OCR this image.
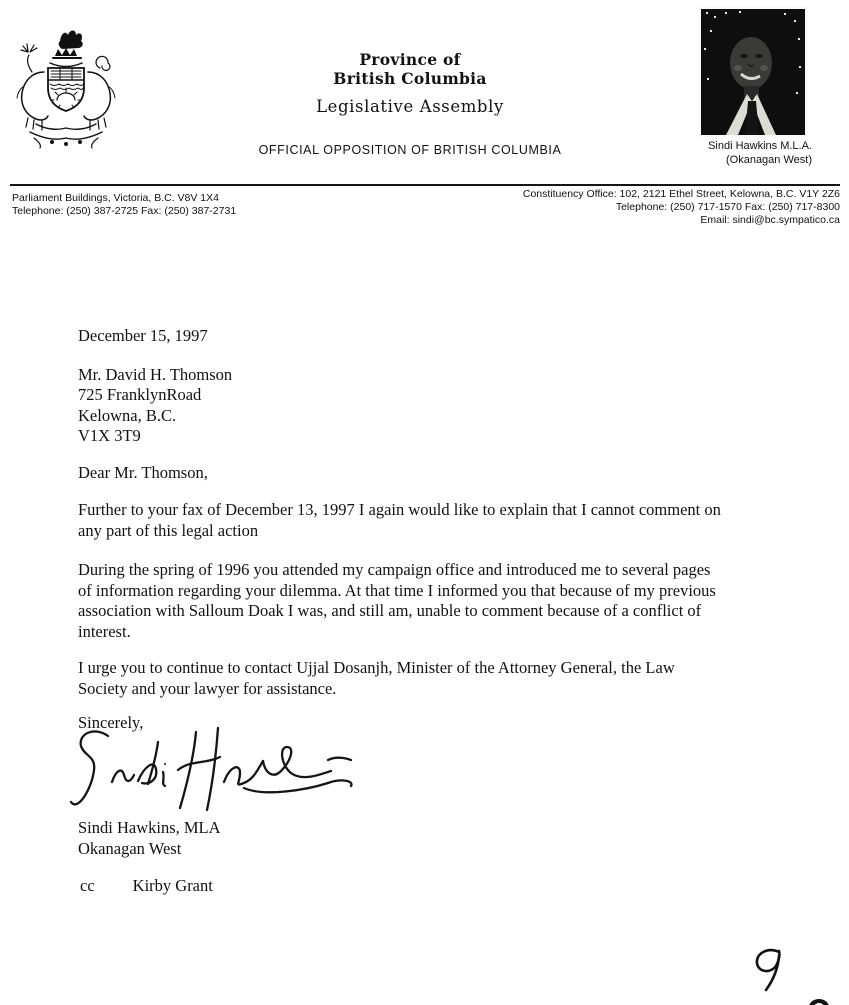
Province of
British Columbia
Legislative Assembly
OFFICIAL OPPOSITION OF BRITISH COLUMBIA	Sindi Hawkins M.L.A.
(Okanagan West)
Parliament Buildings, Victoria, B.C. V8V 1X4
Telephone: (250) 387-2725 Fax: (250) 387-2731
Constituency Office: 102, 2121 Ethel Street, Kelowna, B.C. V1Y 2Z6
Telephone: (250) 717-1570 Fax: (250) 717-8300
Email: sindi@bc.sympatico.ca
December 15, 1997
Mr. David H. Thomson
725 FranklynRoad
Kelowna, B.C.
V1X 3T9
Dear Mr. Thomson,
Further to your fax of December 13, 1997 I again would like to explain that I cannot comment on
any part of this legal action
During the spring of 1996 you attended my campaign office and introduced me to several pages
of information regarding your dilemma. At that time I informed you that because of my previous
association with Salloum Doak I was, and still am, unable to comment because of a conflict of
interest.
I urge you to continue to contact Ujjal Dosanjh, Minister of the Attorney General, the Law
Society and your lawyer for assistance.
Sincerely,
Sindi Hawkins, MLA
Okanagan West
cc Kirby Grant
